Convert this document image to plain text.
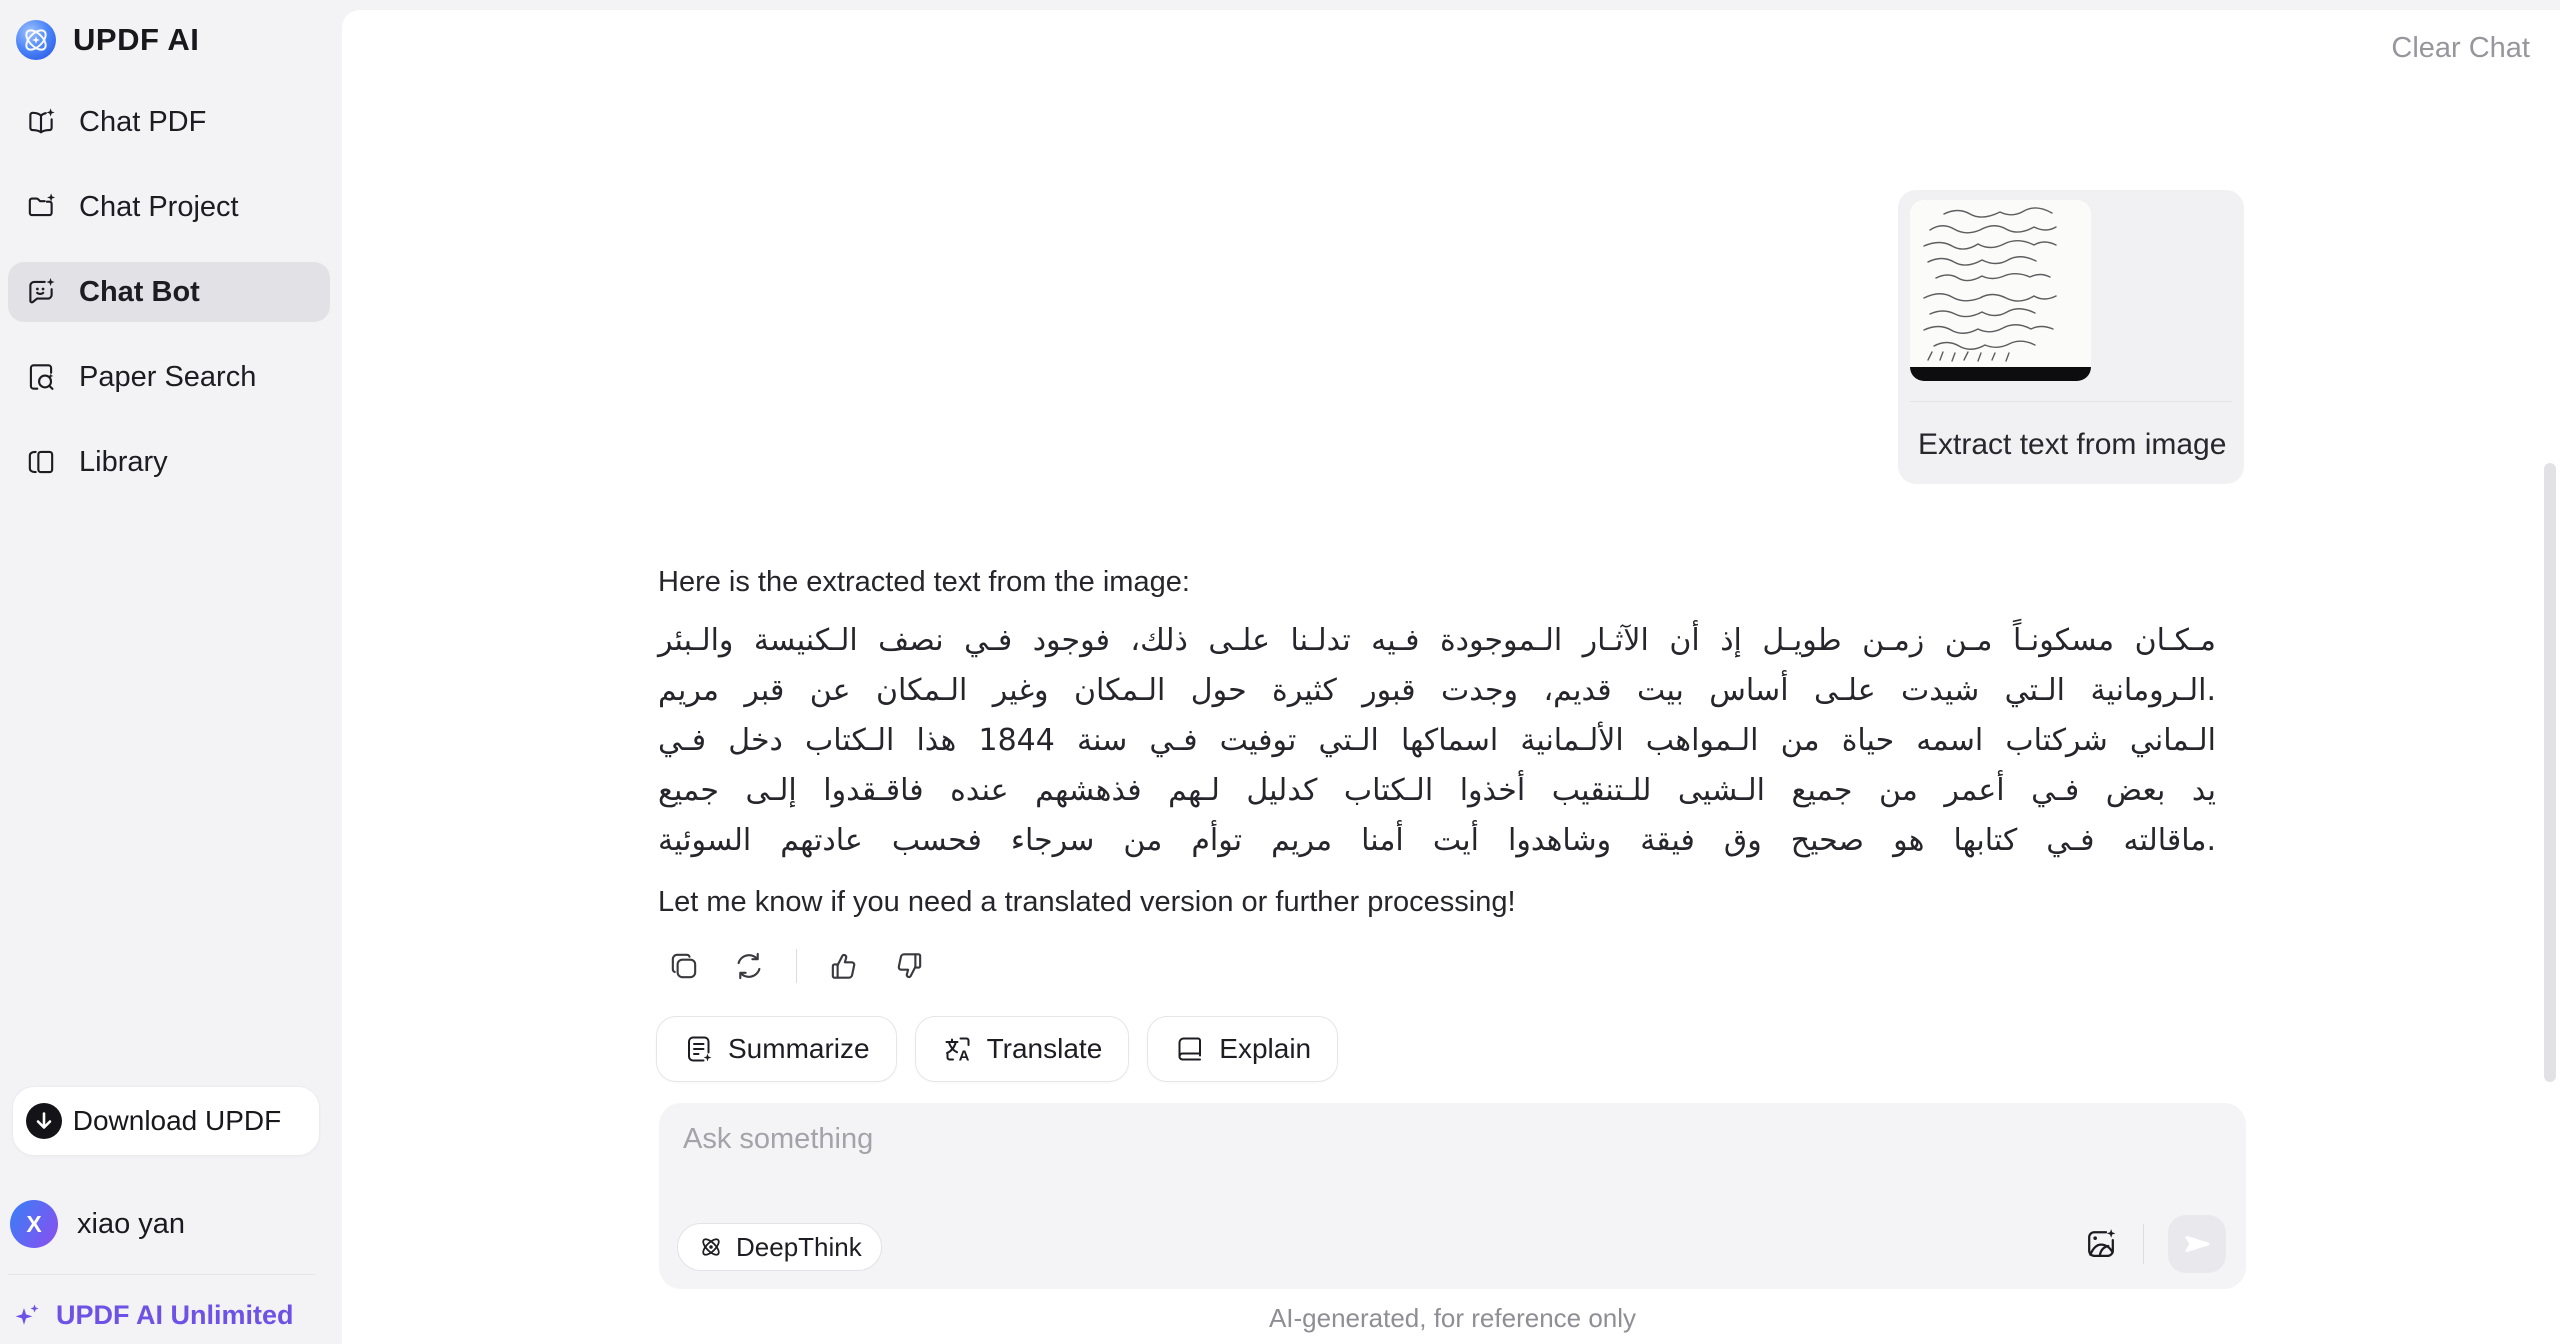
UPDF AI
Chat PDF
Chat Project
Chat Bot
Paper Search
Library
Download UPDF
X	xiao yan
UPDF AI Unlimited
Clear Chat
Extract text from image
Here is the extracted text from the image:
مـكـان مسكونـاً مـن زمـن طويـل إذ أن الآثـار الـموجودة فـيه تدلـنا علـى ذلك، فوجود فـي نصف الـكنيسة والـبئر
الـرومانية الـتي شيدت علـى أساس بيت قديم، وجدت قبور كثيرة حول الـمكان وغير الـمكان عن قبر مريم.
الـماني شركتاب اسمه حياة من الـمواهب الألـمانية اسماكها الـتي توفيت فـي سنة 1844 هذا الـكتاب دخل فـي
يد بعض فـي أعمر من جميع الـشيى للـتنقيب أخذوا الـكتاب كدليل لـهم فذهشهم عنده فاقـقدوا إلـى جميع
ماقالته فـي كتابها هو صحيح وق فيقة وشاهدوا أيت أمنا مريم توأم من سرجاء فحسب عادتهم السوئية.
Let me know if you need a translated version or further processing!
Summarize	A Translate	Explain
Ask something
DeepThink
AI-generated, for reference only
